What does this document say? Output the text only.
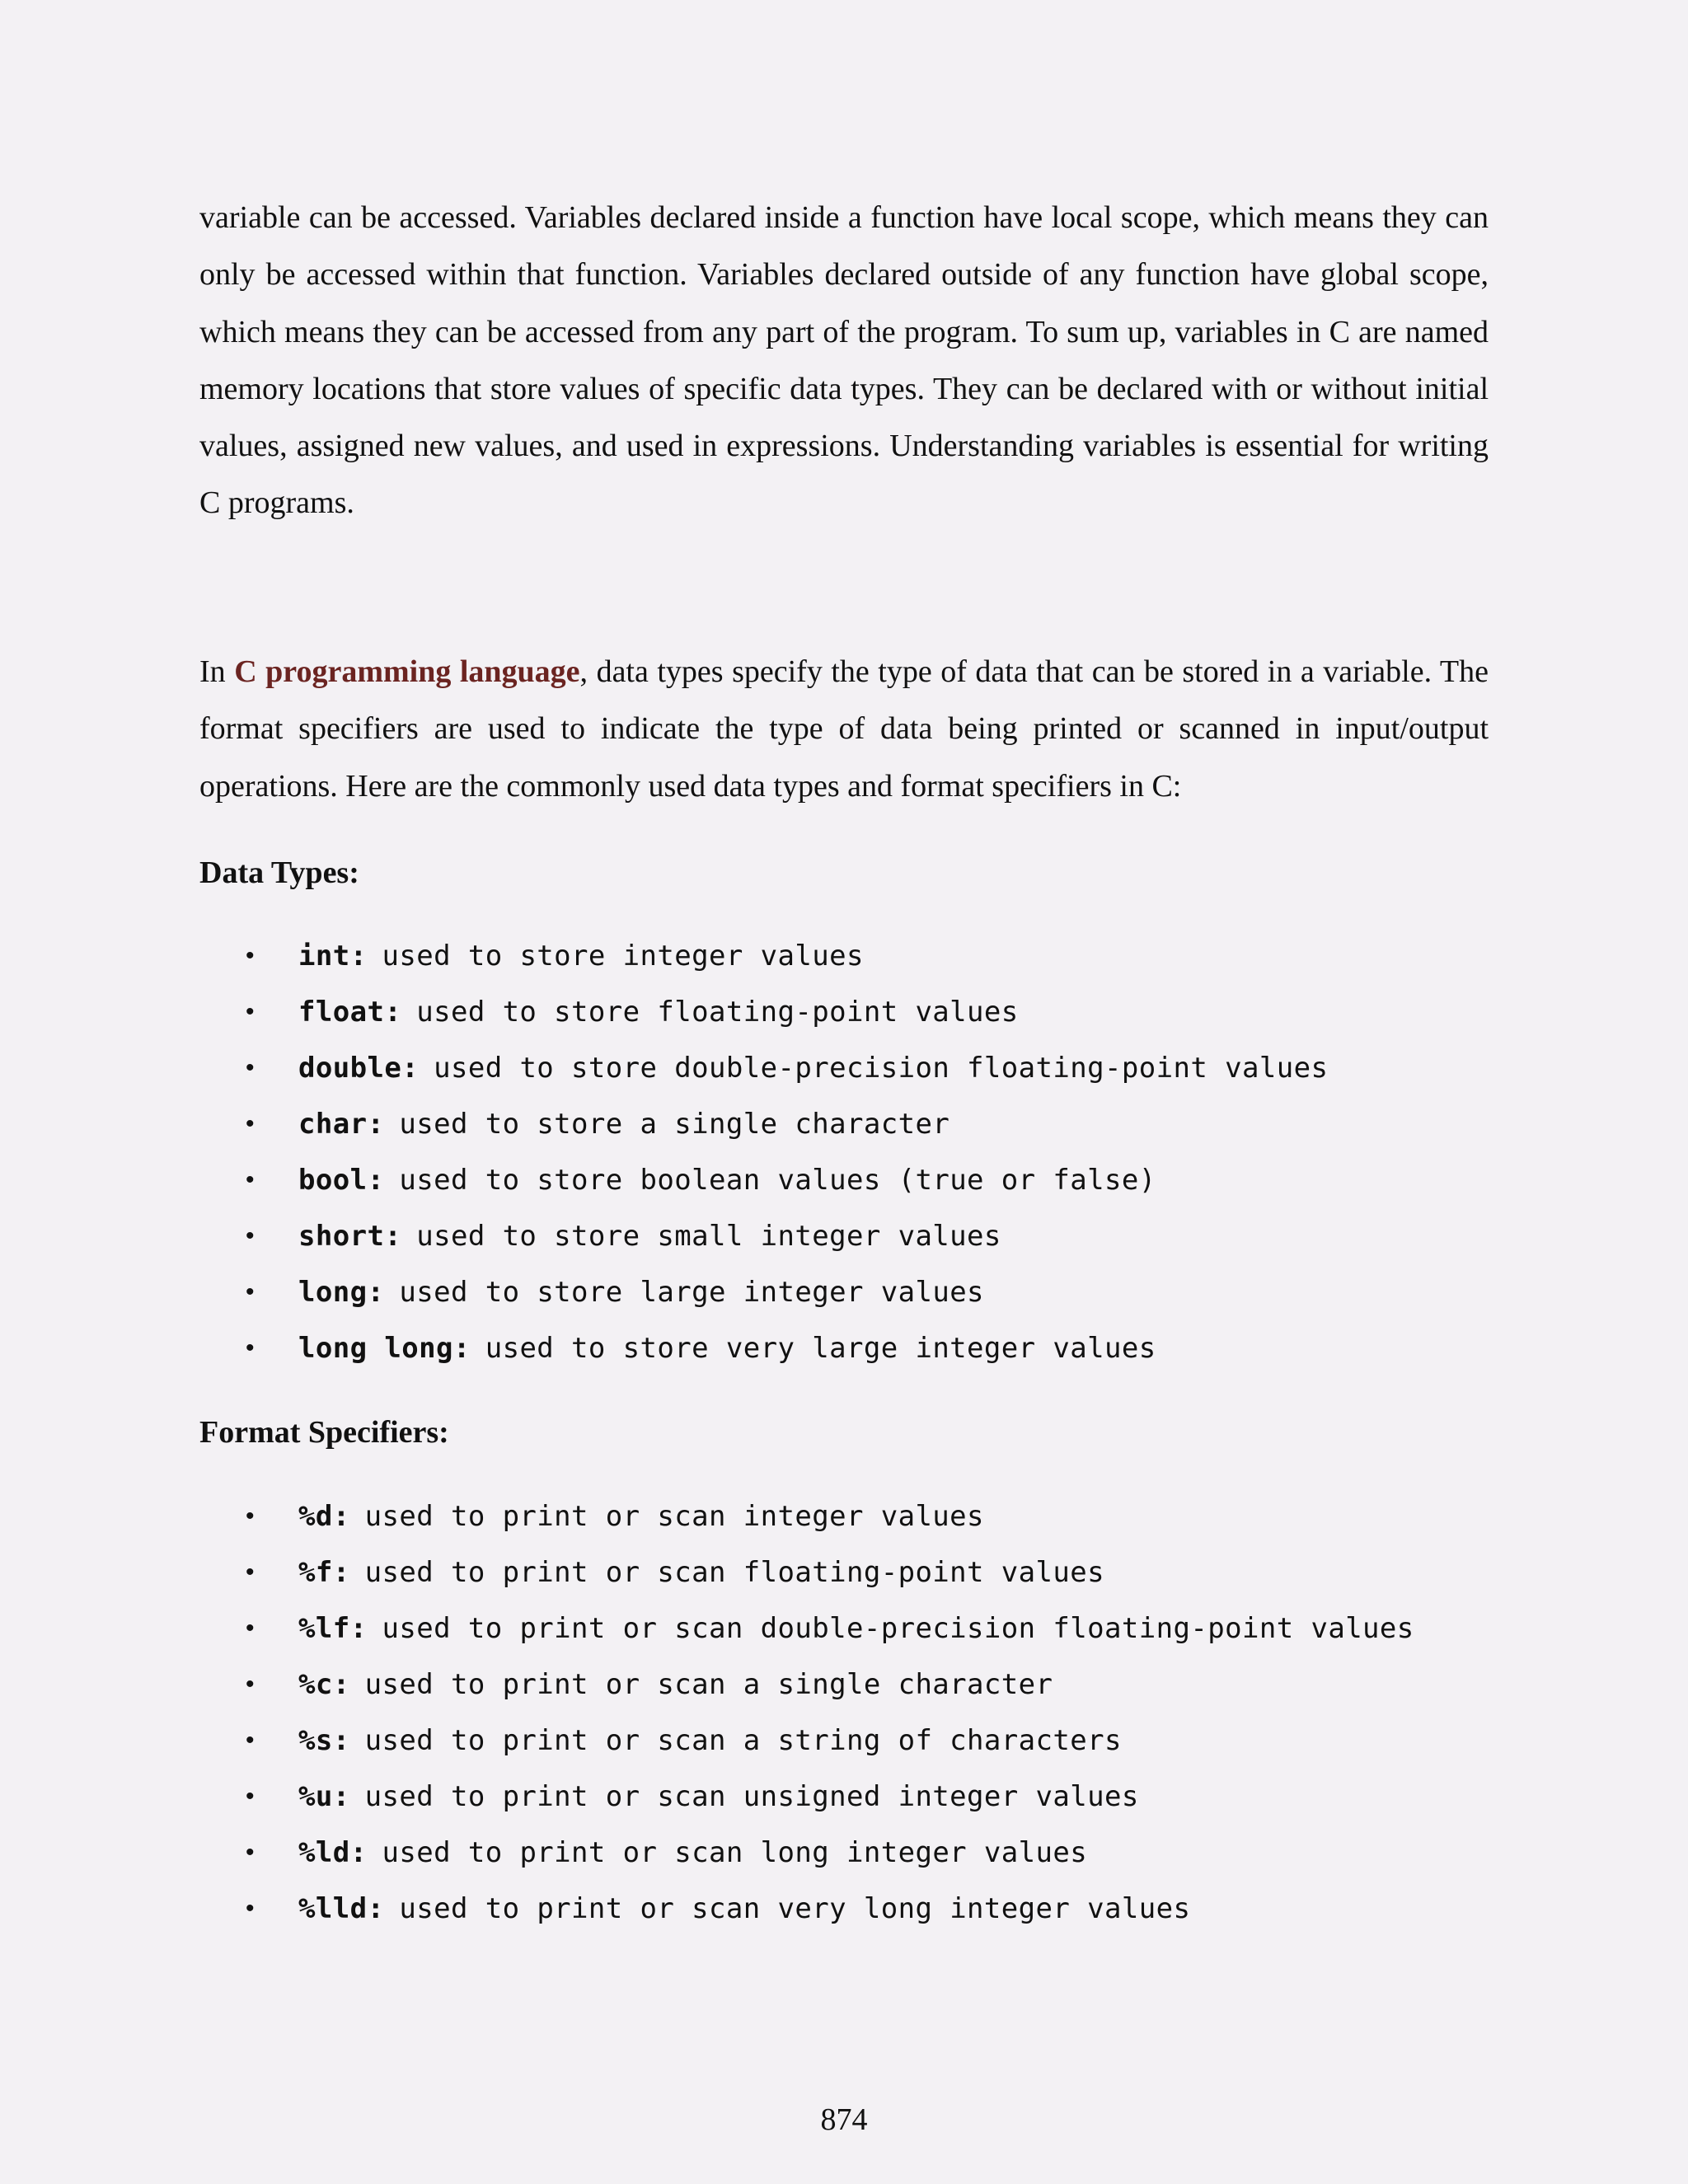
variable can be accessed. Variables declared inside a function have local scope, which means they can only be accessed within that function. Variables declared outside of any function have global scope, which means they can be accessed from any part of the program. To sum up, variables in C are named memory locations that store values of specific data types. They can be declared with or without initial values, assigned new values, and used in expressions. Understanding variables is essential for writing C programs.

In C programming language, data types specify the type of data that can be stored in a variable. The format specifiers are used to indicate the type of data being printed or scanned in input/output operations. Here are the commonly used data types and format specifiers in C:

Data Types:
• int: used to store integer values
• float: used to store floating-point values
• double: used to store double-precision floating-point values
• char: used to store a single character
• bool: used to store boolean values (true or false)
• short: used to store small integer values
• long: used to store large integer values
• long long: used to store very large integer values
Format Specifiers:
• %d: used to print or scan integer values
• %f: used to print or scan floating-point values
• %lf: used to print or scan double-precision floating-point values
• %c: used to print or scan a single character
• %s: used to print or scan a string of characters
• %u: used to print or scan unsigned integer values
• %ld: used to print or scan long integer values
• %lld: used to print or scan very long integer values
874
